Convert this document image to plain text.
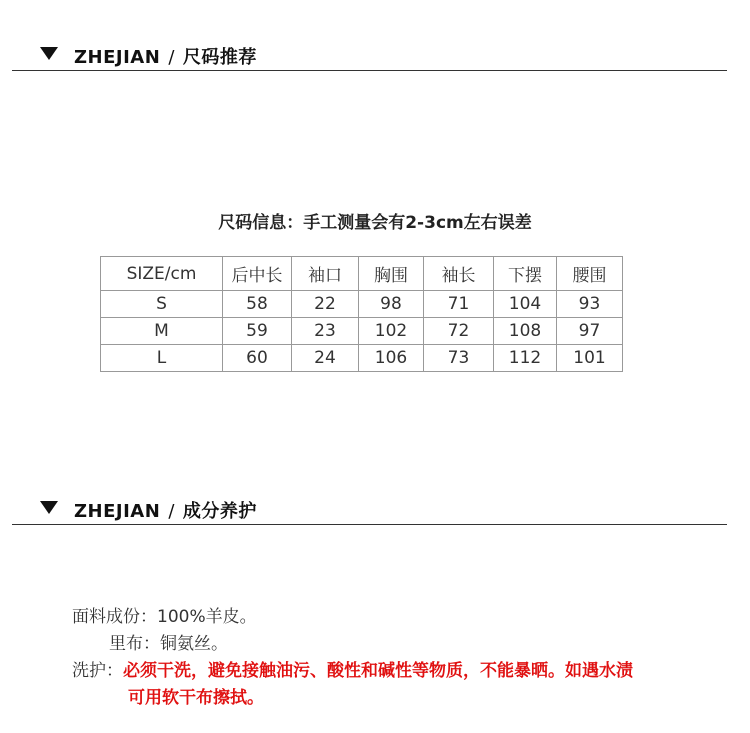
ZHEJIAN / 尺码推荐
尺码信息：手工测量会有2-3cm左右误差
SIZE/cm	后中长	袖口	胸围	袖长	下摆	腰围
S	58	22	98	71	104	93
M	59	23	102	72	108	97
L	60	24	106	73	112	101
ZHEJIAN / 成分养护
面料成份：100%羊皮。
里布：铜氨丝。
洗护：必须干洗，避免接触油污、酸性和碱性等物质，不能暴晒。如遇水渍
可用软干布擦拭。
